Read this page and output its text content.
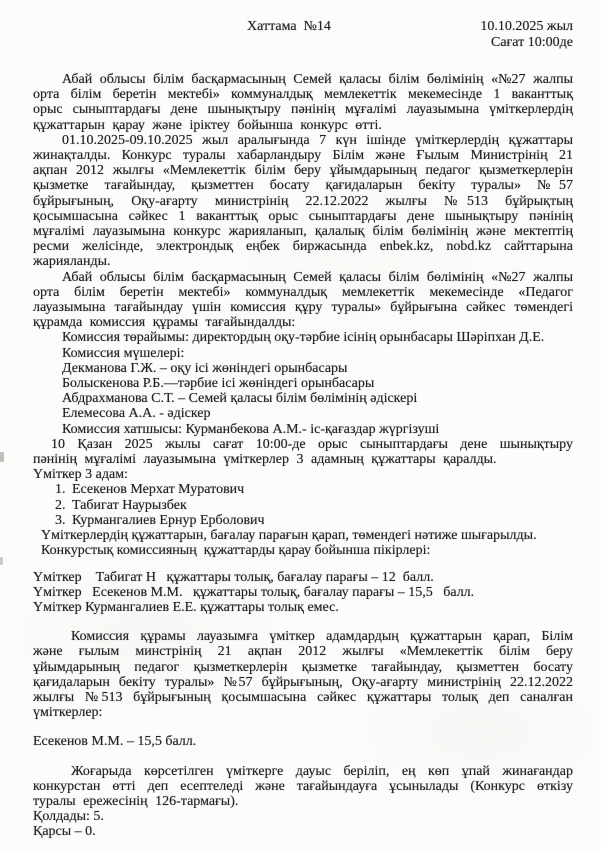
Хаттама  №14	10.10.2025 жыл
Сағат 10:00де

Абай облысы білім басқармасының Семей қаласы білім бөлімінің «№27 жалпы орта білім беретін мектебі» коммуналдық мемлекеттік мекемесінде 1 ваканттық орыс сыныптардағы дене шынықтыру пәнінің мұғалімі лауазымына үміткерлердің құжаттарын қарау және іріктеу бойынша конкурс өтті.

01.10.2025-09.10.2025 жыл аралығында 7 күн ішінде үміткерлердің құжаттары жинақталды. Конкурс туралы хабарландыру Білім және Ғылым Министрінің 21 ақпан 2012 жылғы «Мемлекеттік білім беру ұйымдарының педагог қызметкерлерін қызметке тағайындау, қызметтен босату қағидаларын бекіту туралы» №57 бұйрығының, Оқу-ағарту министрінің 22.12.2022 жылғы №513 бұйрықтың қосымшасына сәйкес 1 ваканттық орыс сыныптардағы дене шынықтыру пәнінің мұғалімі лауазымына конкурс жарияланып, қалалық білім бөлімінің және мектептің ресми желісінде, электрондық еңбек биржасында enbek.kz, nobd.kz сайттарына жарияланды.

Абай облысы білім басқармасының Семей қаласы білім бөлімінің «№27 жалпы орта білім беретін мектебі» коммуналдық мемлекеттік мекемесінде «Педагог лауазымына тағайындау үшін комиссия құру туралы» бұйрығына сәйкес төмендегі құрамда комиссия құрамы тағайындалды:

Комиссия төрайымы: директордың оқу-тәрбие ісінің орынбасары Шәріпхан Д.Е.
Комиссия мүшелері:
Декманова Г.Ж. – оқу ісі жөніндегі орынбасары
Болыскенова Р.Б.—тәрбие ісі жөніндегі орынбасары
Абдрахманова С.Т. – Семей қаласы білім бөлімінің әдіскері
Елемесова А.А. - әдіскер
Комиссия хатшысы: Курманбекова А.М.- іс-қағаздар жүргізуші

10 Қазан 2025 жылы сағат 10:00-де орыс сыныптардағы дене шынықтыру пәнінің мұғалімі лауазымына үміткерлер 3 адамның құжаттары қаралды.

Үміткер 3 адам:
1. Есекенов Мерхат Муратович
2. Табигат Наурызбек
3. Курмангалиев Ернур Ерболович
Үміткерлердің құжаттарын, бағалау парағын қарап, төмендегі нәтиже шығарылды.
Конкурстық комиссияның  құжаттарды қарау бойынша пікірлері:
Үміткер    Табигат Н   құжаттары толық, бағалау парағы – 12  балл.
Үміткер   Есекенов М.М.   құжаттары толық, бағалау парағы – 15,5   балл.
Үміткер Курмангалиев Е.Е. құжаттары толық емес.

Комиссия құрамы лауазымға үміткер адамдардың құжаттарын қарап, Білім және ғылым минстрінің 21 ақпан 2012 жылғы «Мемлекеттік білім беру ұйымдарының педагог қызметкерлерін қызметке тағайындау, қызметтен босату қағидаларын бекіту туралы» №57 бұйрығының, Оқу-ағарту министрінің 22.12.2022 жылғы №513 бұйрығының қосымшасына сәйкес құжаттары толық деп саналған үміткерлер:

Есекенов М.М. – 15,5 балл.

Жоғарыда көрсетілген үміткерге дауыс беріліп, ең көп ұпай жинағандар конкурстан өтті деп есептеледі және тағайындауға ұсынылады (Конкурс өткізу туралы ережесінің 126-тармағы).

Қолдады: 5.
Қарсы – 0.
